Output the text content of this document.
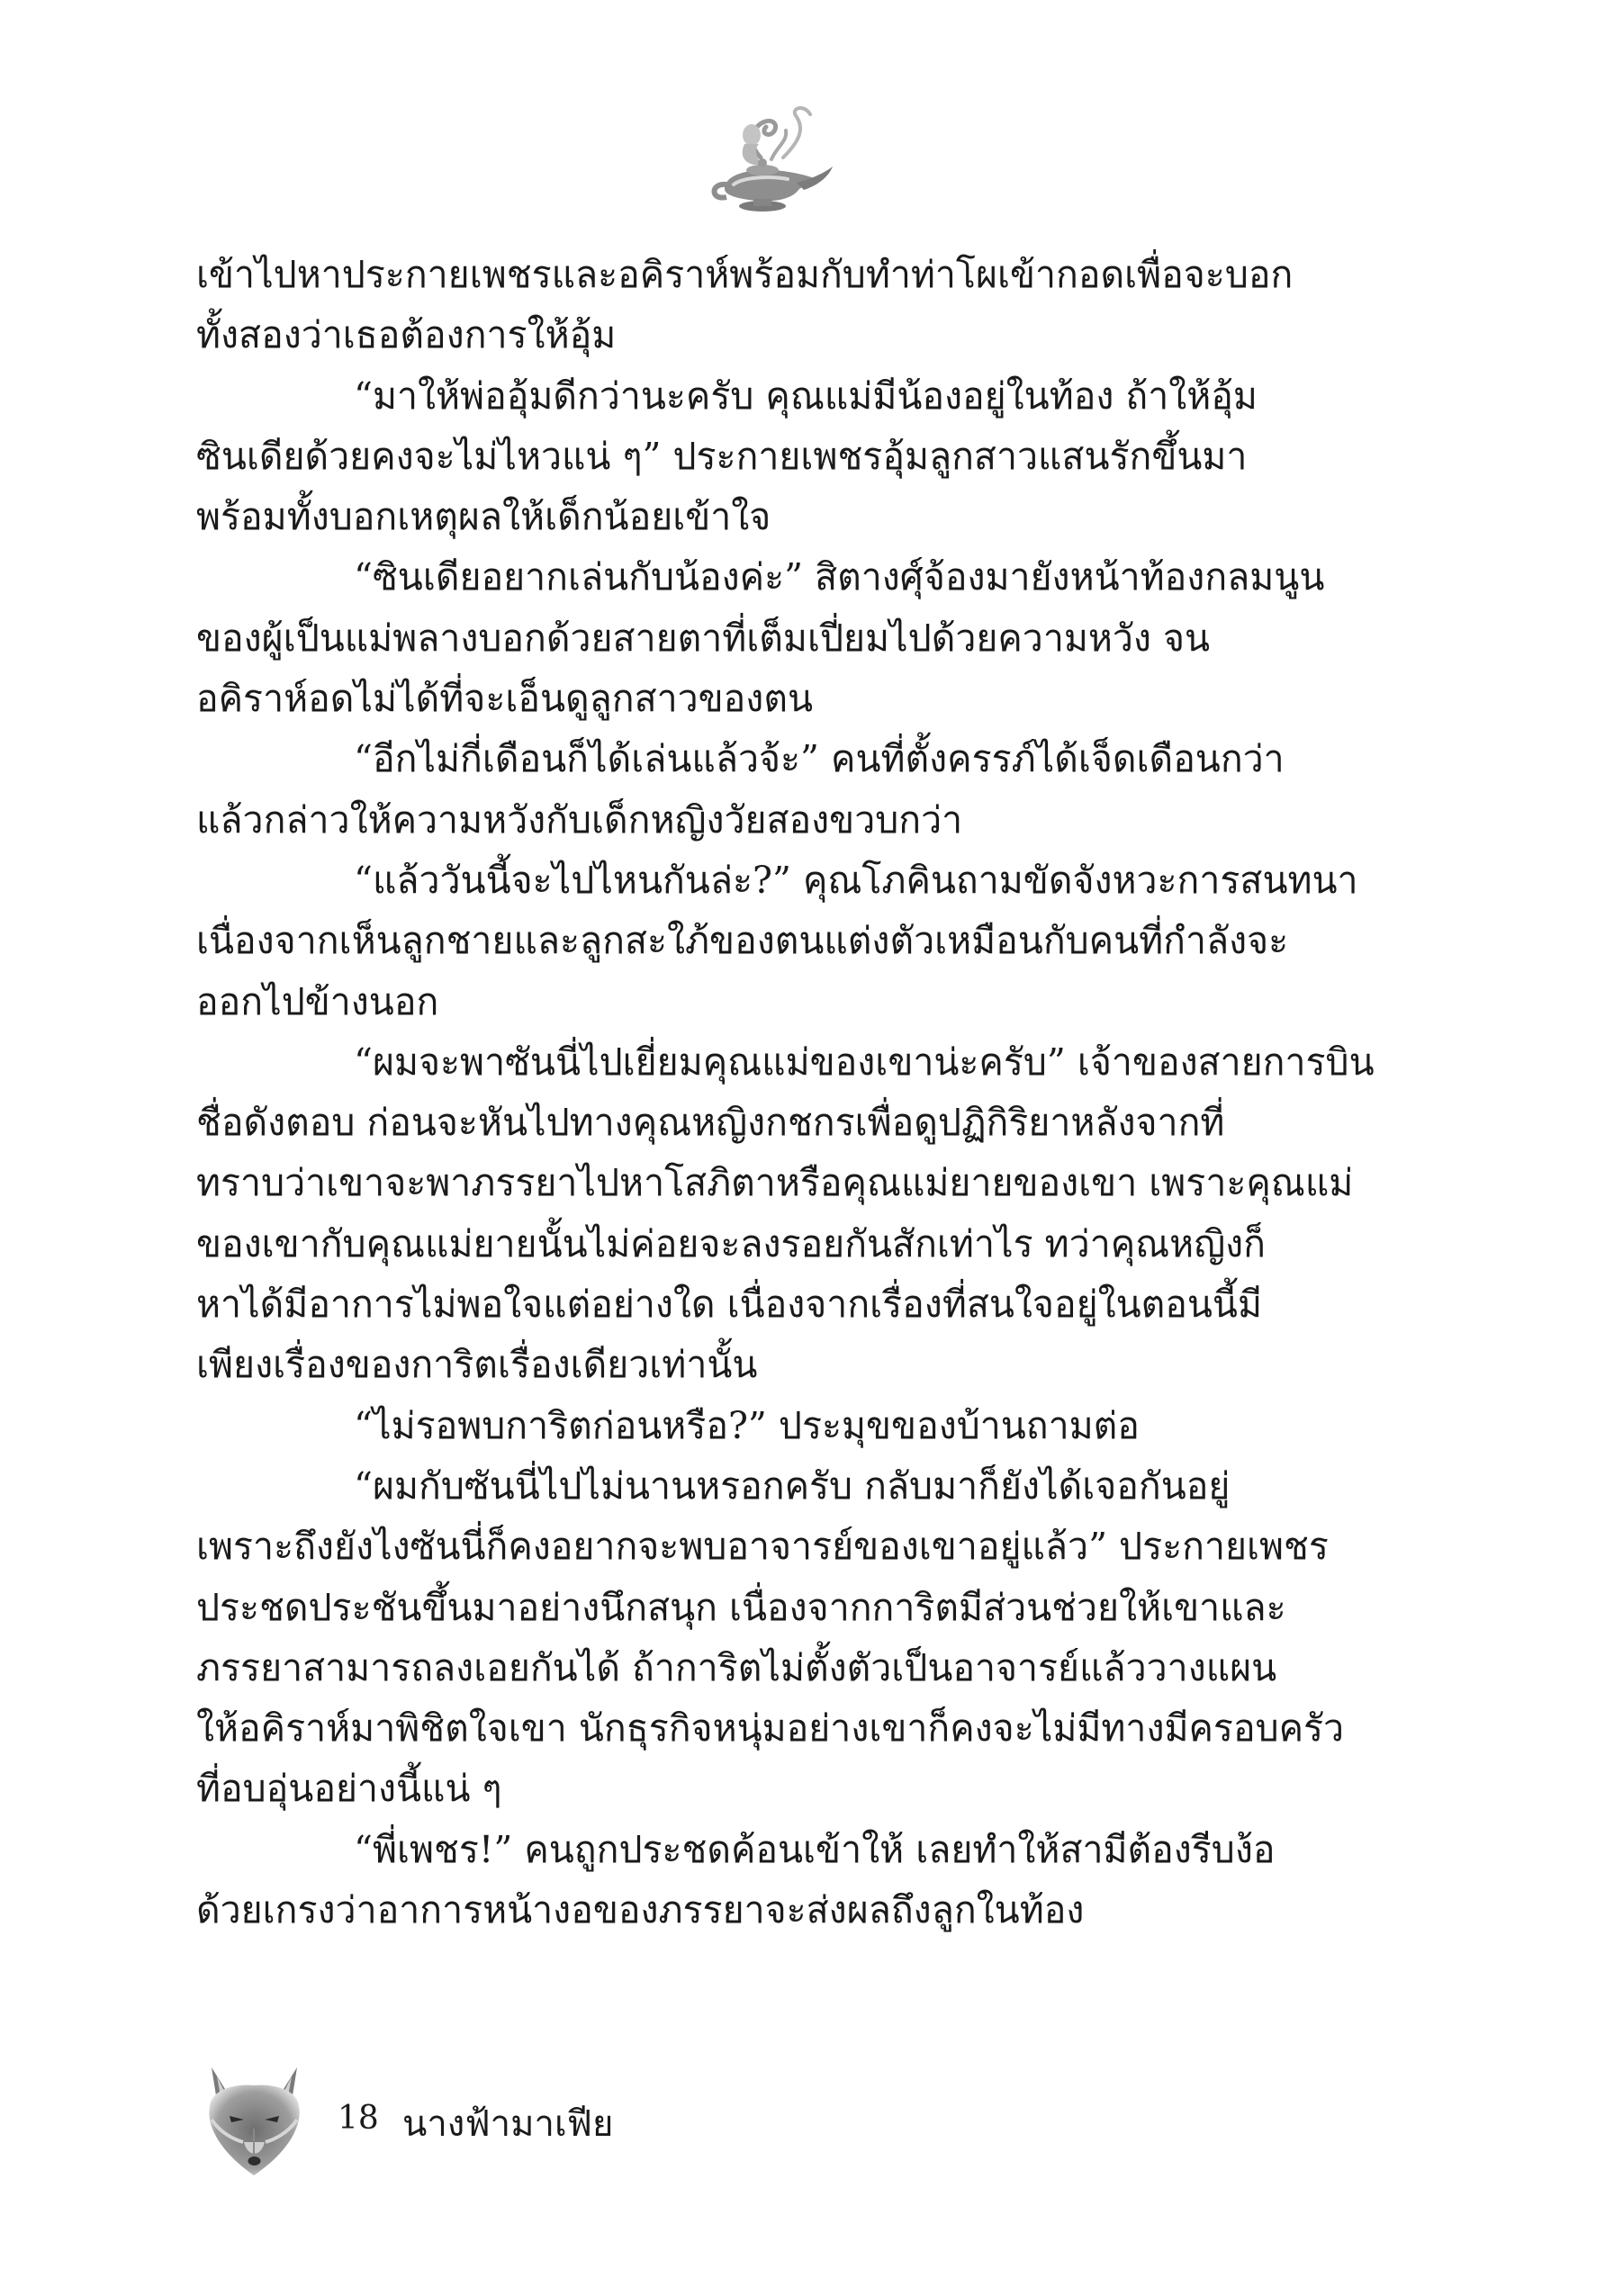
เข้าไปหาประกายเพชรและอคิราห์พร้อมกับทำท่าโผเข้ากอดเพื่อจะบอก
ทั้งสองว่าเธอต้องการให้อุ้ม
“มาให้พ่ออุ้มดีกว่านะครับ คุณแม่มีน้องอยู่ในท้อง ถ้าให้อุ้ม
ซินเดียด้วยคงจะไม่ไหวแน่ ๆ” ประกายเพชรอุ้มลูกสาวแสนรักขึ้นมา
พร้อมทั้งบอกเหตุผลให้เด็กน้อยเข้าใจ
“ซินเดียอยากเล่นกับน้องค่ะ” สิตางศุ์จ้องมายังหน้าท้องกลมนูน
ของผู้เป็นแม่พลางบอกด้วยสายตาที่เต็มเปี่ยมไปด้วยความหวัง จน
อคิราห์อดไม่ได้ที่จะเอ็นดูลูกสาวของตน
“อีกไม่กี่เดือนก็ได้เล่นแล้วจ้ะ” คนที่ตั้งครรภ์ได้เจ็ดเดือนกว่า
แล้วกล่าวให้ความหวังกับเด็กหญิงวัยสองขวบกว่า
“แล้ววันนี้จะไปไหนกันล่ะ?” คุณโภคินถามขัดจังหวะการสนทนา
เนื่องจากเห็นลูกชายและลูกสะใภ้ของตนแต่งตัวเหมือนกับคนที่กำลังจะ
ออกไปข้างนอก
“ผมจะพาซันนี่ไปเยี่ยมคุณแม่ของเขาน่ะครับ” เจ้าของสายการบิน
ชื่อดังตอบ ก่อนจะหันไปทางคุณหญิงกชกรเพื่อดูปฏิกิริยาหลังจากที่
ทราบว่าเขาจะพาภรรยาไปหาโสภิตาหรือคุณแม่ยายของเขา เพราะคุณแม่
ของเขากับคุณแม่ยายนั้นไม่ค่อยจะลงรอยกันสักเท่าไร ทว่าคุณหญิงก็
หาได้มีอาการไม่พอใจแต่อย่างใด เนื่องจากเรื่องที่สนใจอยู่ในตอนนี้มี
เพียงเรื่องของการิตเรื่องเดียวเท่านั้น
“ไม่รอพบการิตก่อนหรือ?” ประมุขของบ้านถามต่อ
“ผมกับซันนี่ไปไม่นานหรอกครับ กลับมาก็ยังได้เจอกันอยู่
เพราะถึงยังไงซันนี่ก็คงอยากจะพบอาจารย์ของเขาอยู่แล้ว” ประกายเพชร
ประชดประชันขึ้นมาอย่างนึกสนุก เนื่องจากการิตมีส่วนช่วยให้เขาและ
ภรรยาสามารถลงเอยกันได้ ถ้าการิตไม่ตั้งตัวเป็นอาจารย์แล้ววางแผน
ให้อคิราห์มาพิชิตใจเขา นักธุรกิจหนุ่มอย่างเขาก็คงจะไม่มีทางมีครอบครัว
ที่อบอุ่นอย่างนี้แน่ ๆ
“พี่เพชร!” คนถูกประชดค้อนเข้าให้ เลยทำให้สามีต้องรีบง้อ
ด้วยเกรงว่าอาการหน้างอของภรรยาจะส่งผลถึงลูกในท้อง
18 นางฟ้ามาเฟีย
